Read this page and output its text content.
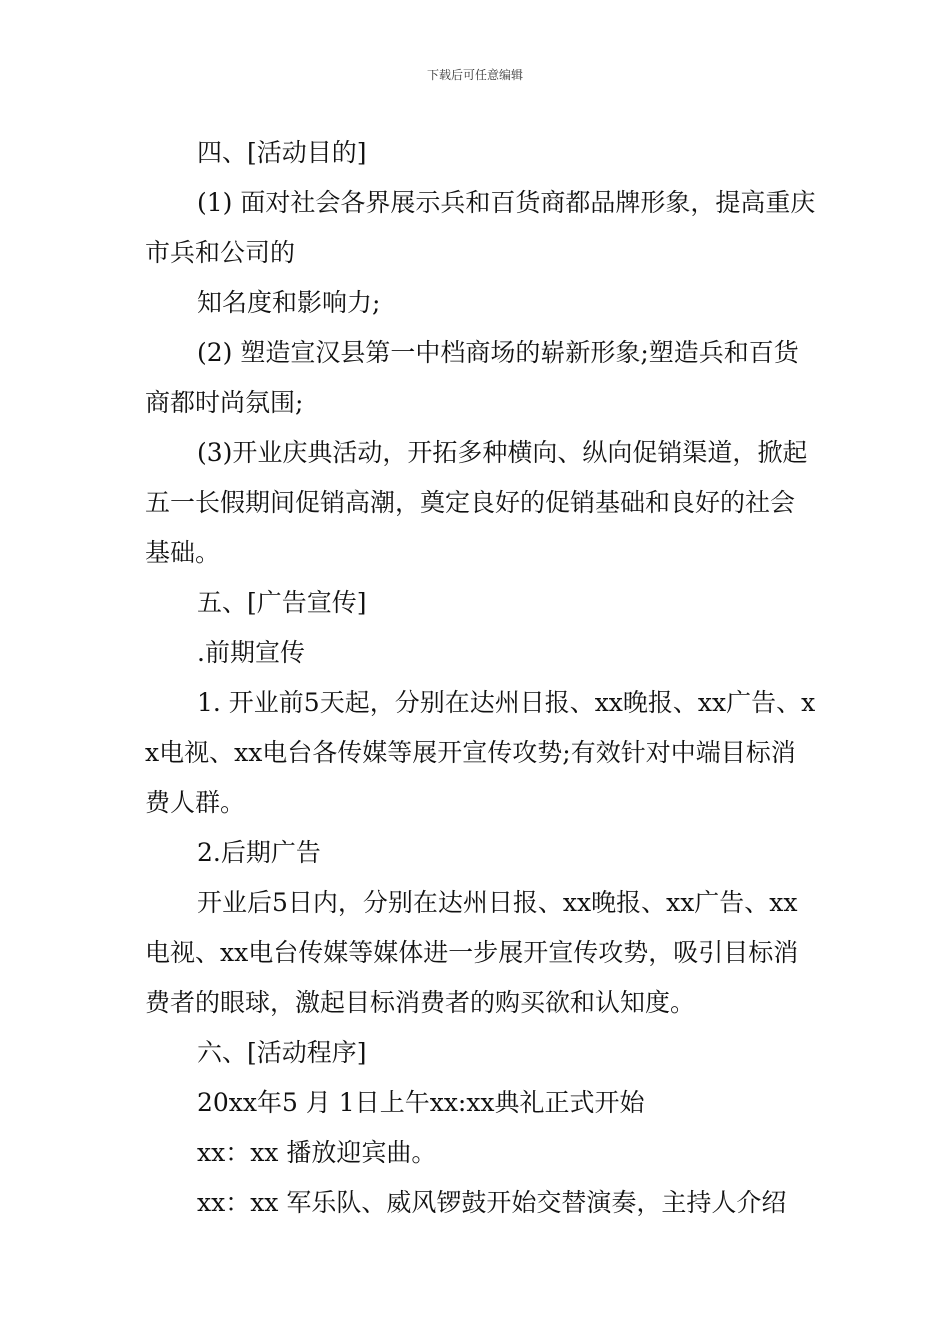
下载后可任意编辑

四、[活动目的]

(1) 面对社会各界展示兵和百货商都品牌形象，提高重庆市兵和公司的

知名度和影响力;

(2) 塑造宣汉县第一中档商场的崭新形象;塑造兵和百货商都时尚氛围;

(3)开业庆典活动，开拓多种横向、纵向促销渠道，掀起五一长假期间促销高潮，奠定良好的促销基础和良好的社会基础。

五、[广告宣传]

.前期宣传

1. 开业前5天起，分别在达州日报、xx晚报、xx广告、xx电视、xx电台各传媒等展开宣传攻势;有效针对中端目标消费人群。

2.后期广告

开业后5日内，分别在达州日报、xx晚报、xx广告、xx电视、xx电台传媒等媒体进一步展开宣传攻势，吸引目标消费者的眼球，激起目标消费者的购买欲和认知度。

六、[活动程序]

20xx年5 月 1日上午xx:xx典礼正式开始

xx：xx 播放迎宾曲。

xx：xx 军乐队、威风锣鼓开始交替演奏，主持人介绍
